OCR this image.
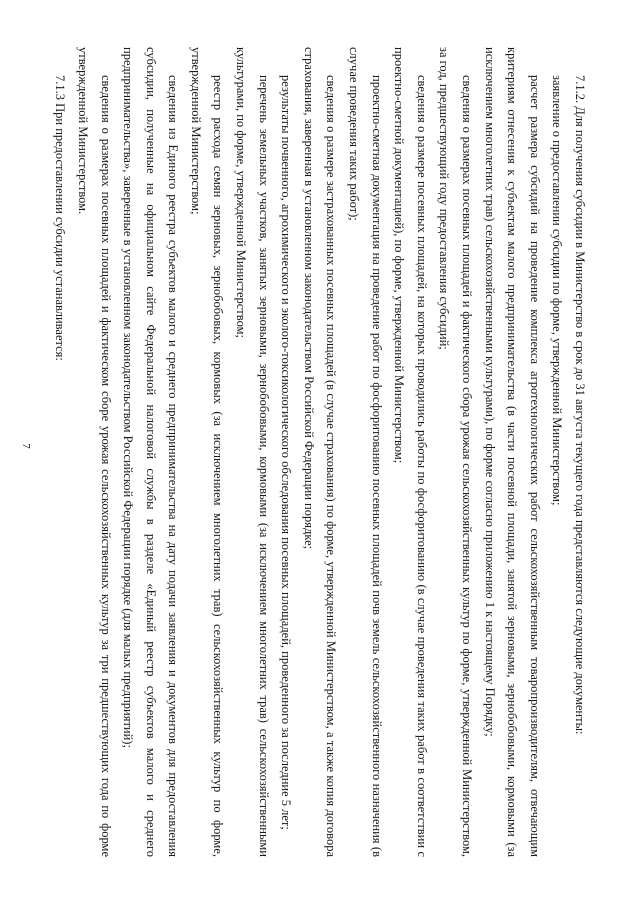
7	7.1.2. Для получения субсидии в Министерство в срок до 31 августа текущего года представляются следующие документы:

заявление о предоставлении субсидии по форме, утвержденной Министерством;

расчет размера субсидий на проведение комплекса агротехнологических работ сельскохозяйственным товаропроизводителям, отвечающим критериям отнесения к субъектам малого предпринимательства (в части посевной площади, занятой зерновыми, зернобобовыми, кормовыми (за исключением многолетних трав) сельскохозяйственными культурами), по форме согласно приложению 1 к настоящему Порядку;

сведения о размерах посевных площадей и фактического сбора урожая сельскохозяйственных культур по форме, утвержденной Министерством, за год, предшествующий году предоставления субсидий;

сведения о размере посевных площадей, на которых проводились работы по фосфоритованию (в случае проведения таких работ в соответствии с проектно-сметной документацией), по форме, утвержденной Министерством;

проектно-сметная документация на проведение работ по фосфоритованию посевных площадей почв земель сельскохозяйственного назначения (в случае проведения таких работ);

сведения о размере застрахованных посевных площадей (в случае страхования) по форме, утвержденной Министерством, а также копия договора страхования, заверенная в установленном законодательством Российской Федерации порядке;

результаты почвенного, агрохимического и эколого-токсикологического обследования посевных площадей, проведенного за последние 5 лет;

перечень земельных участков, занятых зерновыми, зернобобовыми, кормовыми (за исключением многолетних трав) сельскохозяйственными культурами, по форме, утвержденной Министерством;

реестр расхода семян зерновых, зернобобовых, кормовых (за исключением многолетних трав) сельскохозяйственных культур по форме, утвержденной Министерством;

сведения из Единого реестра субъектов малого и среднего предпринимательства на дату подачи заявления и документов для предоставления субсидии, полученные на официальном сайте Федеральной налоговой службы в разделе «Единый реестр субъектов малого и среднего предпринимательства», заверенные в установленном законодательством Российской Федерации порядке (для малых предприятий);

сведения о размерах посевных площадей и фактическом сборе урожая сельскохозяйственных культур за три предшествующих года по форме утвержденной Министерством.

7.1.3 При предоставлении субсидии устанавливается:
